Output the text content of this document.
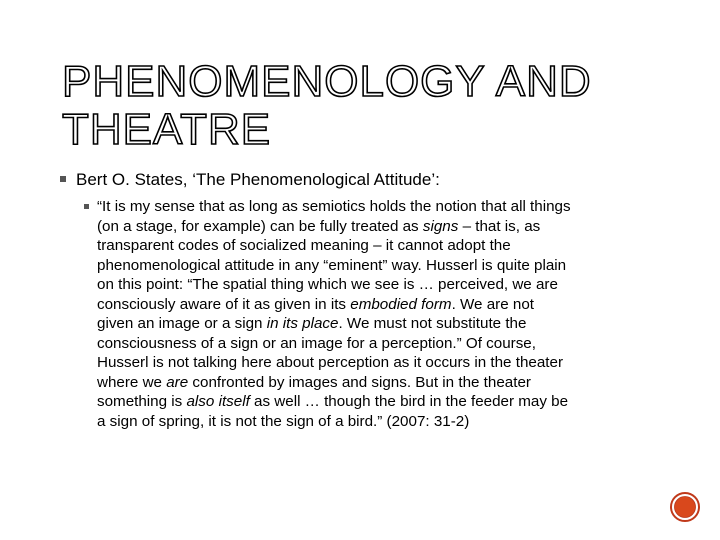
PHENOMENOLOGY AND
THEATRE
Bert O. States, ‘The Phenomenological Attitude’:
“It is my sense that as long as semiotics holds the notion that all things
(on a stage, for example) can be fully treated as signs – that is, as
transparent codes of socialized meaning – it cannot adopt the
phenomenological attitude in any “eminent” way. Husserl is quite plain
on this point: “The spatial thing which we see is … perceived, we are
consciously aware of it as given in its embodied form. We are not
given an image or a sign in its place. We must not substitute the
consciousness of a sign or an image for a perception.” Of course,
Husserl is not talking here about perception as it occurs in the theater
where we are confronted by images and signs. But in the theater
something is also itself as well … though the bird in the feeder may be
a sign of spring, it is not the sign of a bird.” (2007: 31-2)
